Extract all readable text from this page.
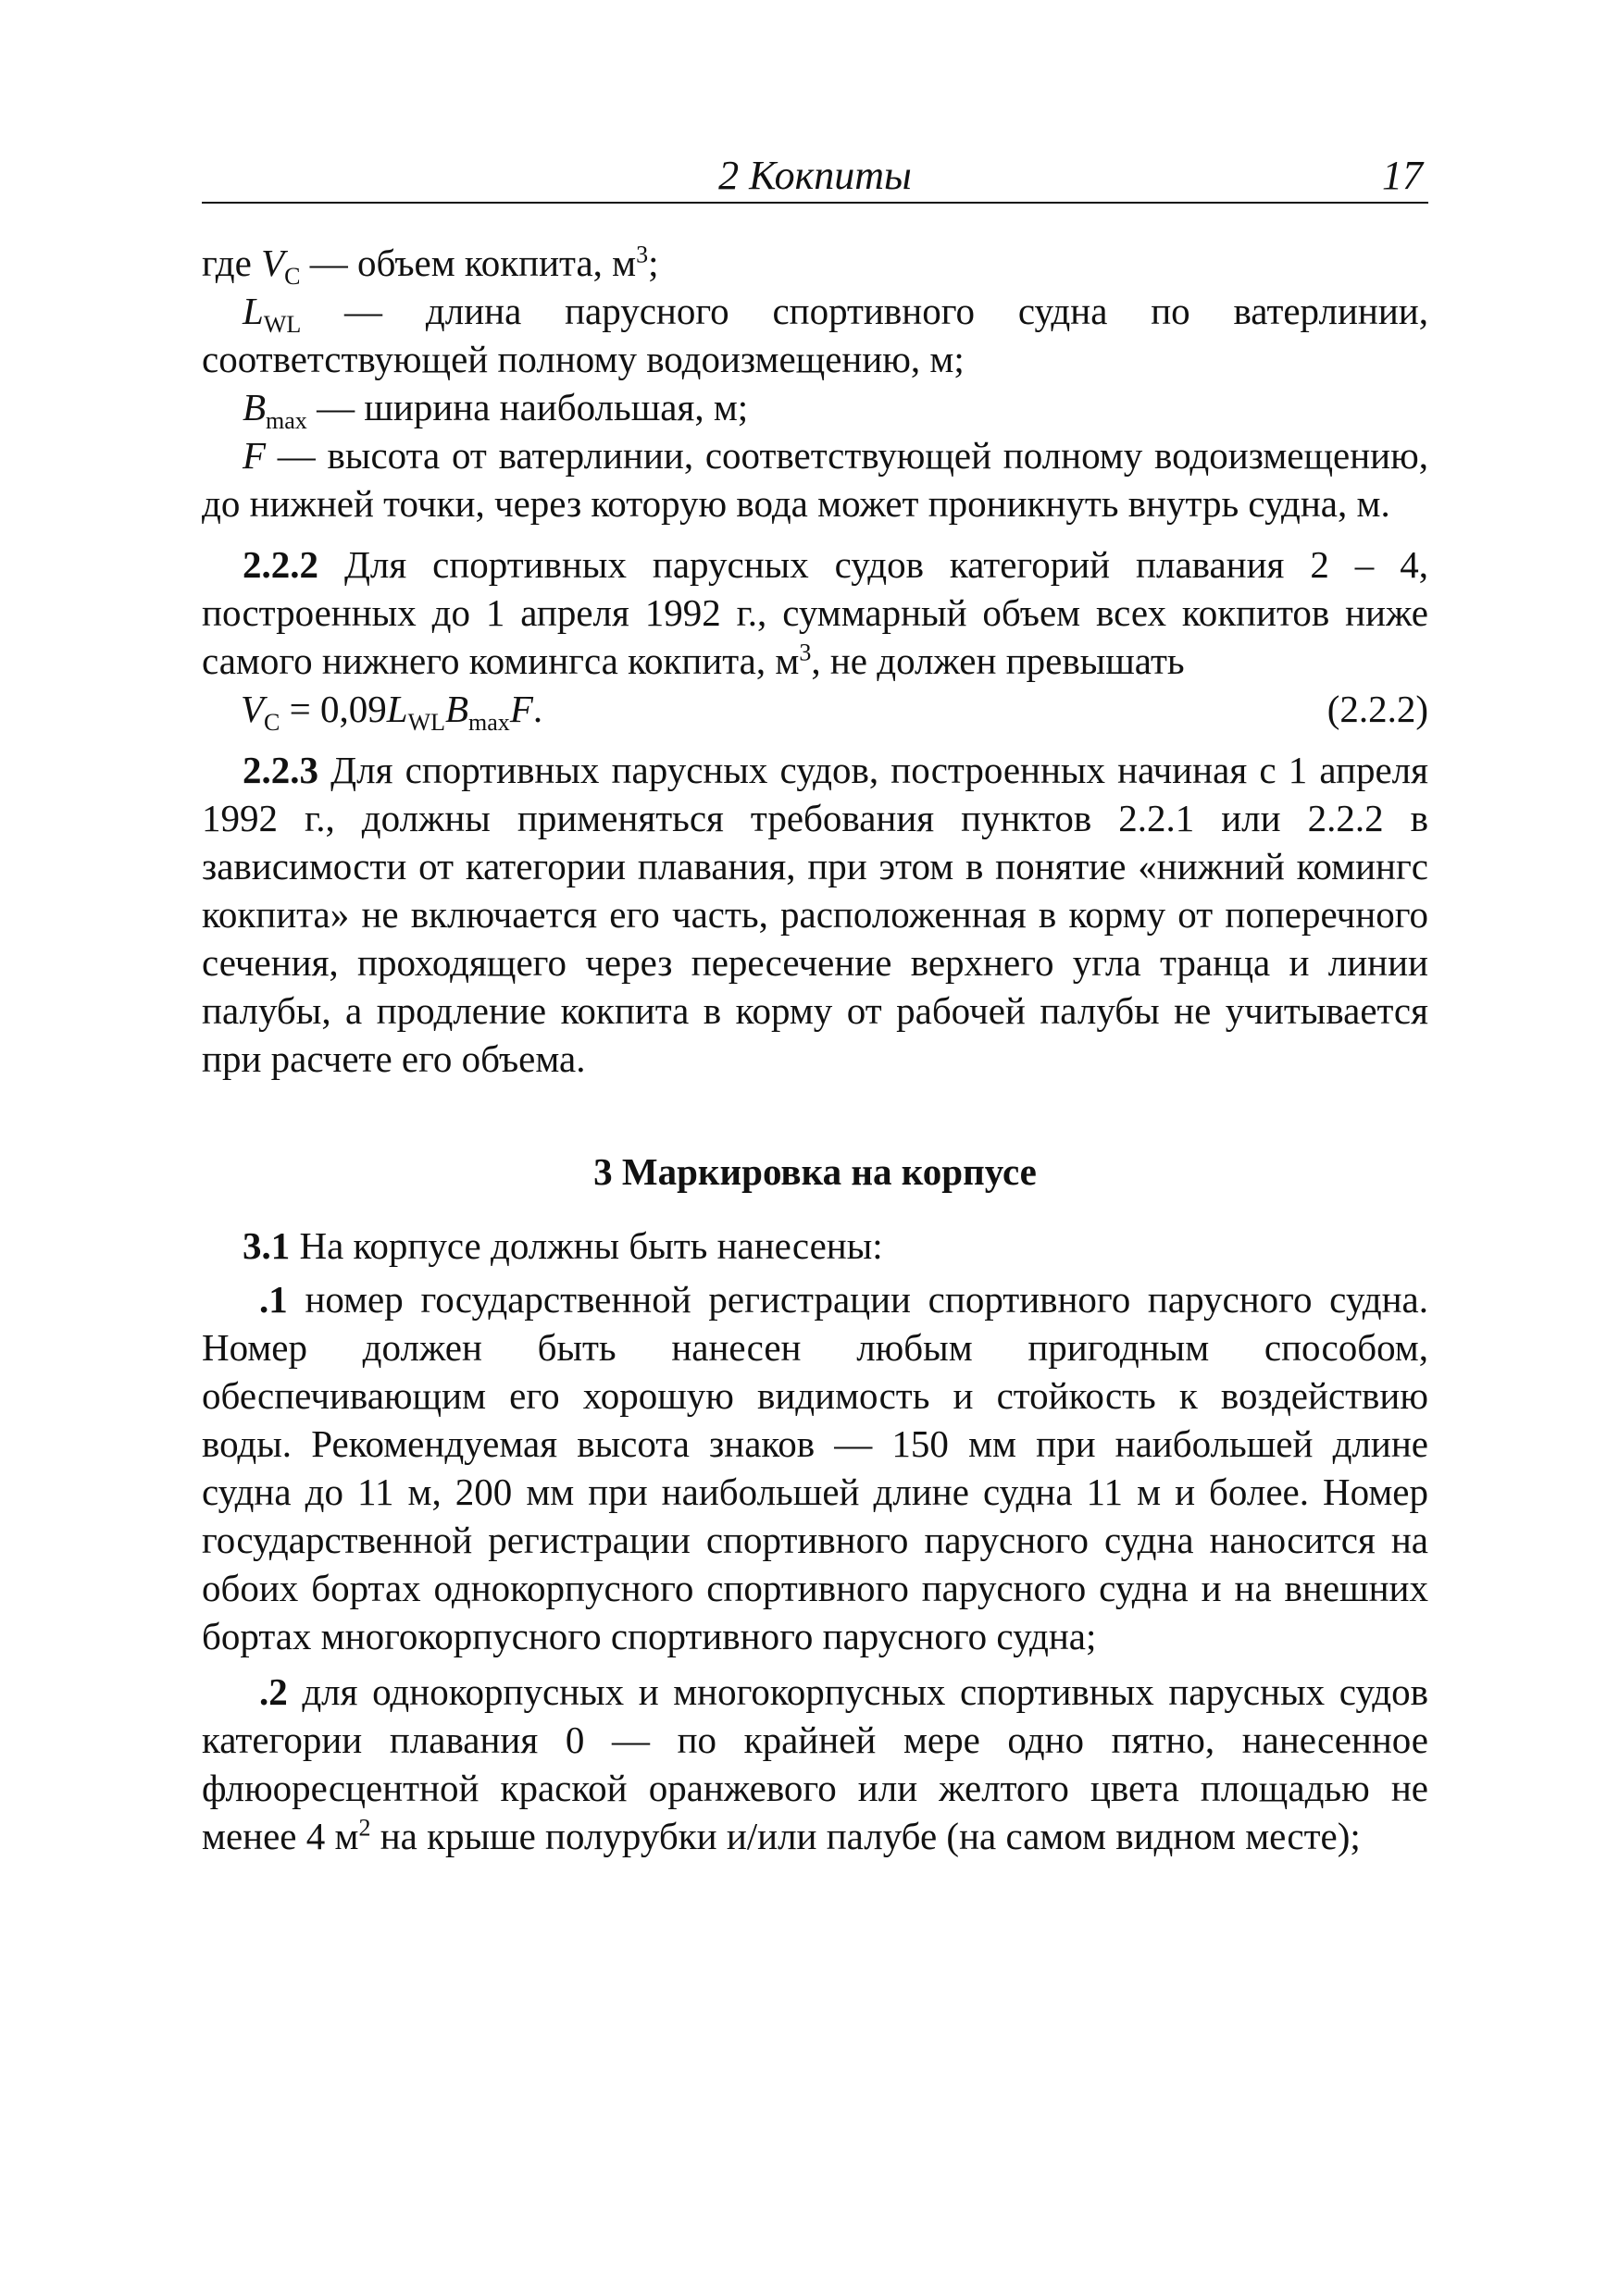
2 Кокпиты	17

где $V_C$ — объем кокпита, $м^3$;

$L_{WL}$ — длина парусного спортивного судна по ватерлинии, соответствующей полному водоизмещению, м;

$B_{max}$ — ширина наибольшая, м;

F — высота от ватерлинии, соответствующей полному водоизмещению, до нижней точки, через которую вода может проникнуть внутрь судна, м.

2.2.2 Для спортивных парусных судов категорий плавания 2 – 4, построенных до 1 апреля 1992 г., суммарный объем всех кокпитов ниже самого нижнего комингса кокпита, $м^3$, не должен превышать

$V_C = 0,09L_{WL}B_{max}F$.	(2.2.2)

2.2.3 Для спортивных парусных судов, построенных начиная с 1 апреля 1992 г., должны применяться требования пунктов 2.2.1 или 2.2.2 в зависимости от категории плавания, при этом в понятие «нижний комингс кокпита» не включается его часть, расположенная в корму от поперечного сечения, проходящего через пересечение верхнего угла транца и линии палубы, а продление кокпита в корму от рабочей палубы не учитывается при расчете его объема.

3 Маркировка на корпусе

3.1 На корпусе должны быть нанесены:

.1 номер государственной регистрации спортивного парусного судна. Номер должен быть нанесен любым пригодным способом, обеспечивающим его хорошую видимость и стойкость к воздействию воды. Рекомендуемая высота знаков — 150 мм при наибольшей длине судна до 11 м, 200 мм при наибольшей длине судна 11 м и более. Номер государственной регистрации спортивного парусного судна наносится на обоих бортах однокорпусного спортивного парусного судна и на внешних бортах многокорпусного спортивного парусного судна;

.2 для однокорпусных и многокорпусных спортивных парусных судов категории плавания 0 — по крайней мере одно пятно, нанесенное флюоресцентной краской оранжевого или желтого цвета площадью не менее 4 $м^2$ на крыше полурубки и/или палубе (на самом видном месте);
